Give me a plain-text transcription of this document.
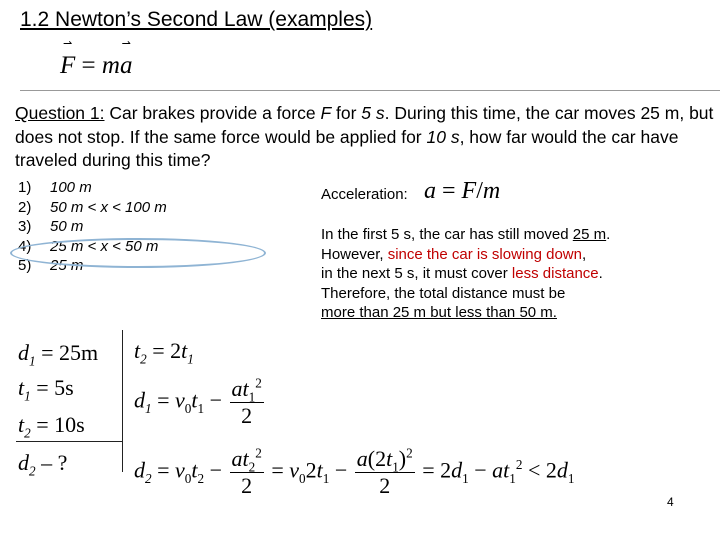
1.2 Newton’s Second Law (examples)
⇀
F = m
⇀
a
Question 1: Car brakes provide a force F for 5 s. During this time, the car moves 25 m, but does not stop. If the same force would be applied for 10 s, how far would the car have traveled during this time?
1) 100 m
2) 50 m < x < 100 m
3) 50 m
4) 25 m < x < 50 m
5) 25 m
Acceleration: a = F/m
In the first 5 s, the car has still moved 25 m.
However, since the car is slowing down,
in the next 5 s, it must cover less distance.
Therefore, the total distance must be
more than 25 m but less than 50 m.
$d_1 = 25m$
$t_1 = 5s$
$t_2 = 10s$
$d_2$ – ?
$t_2 = 2t_1$
$d_1 = v_0t_1 - \frac{at_1^2}{2}$
$d_2 = v_0t_2 - \frac{at_2^2}{2} = v_02t_1 - \frac{a(2t_1)^2}{2} = 2d_1 - at_1^2 < 2d_1$
4
